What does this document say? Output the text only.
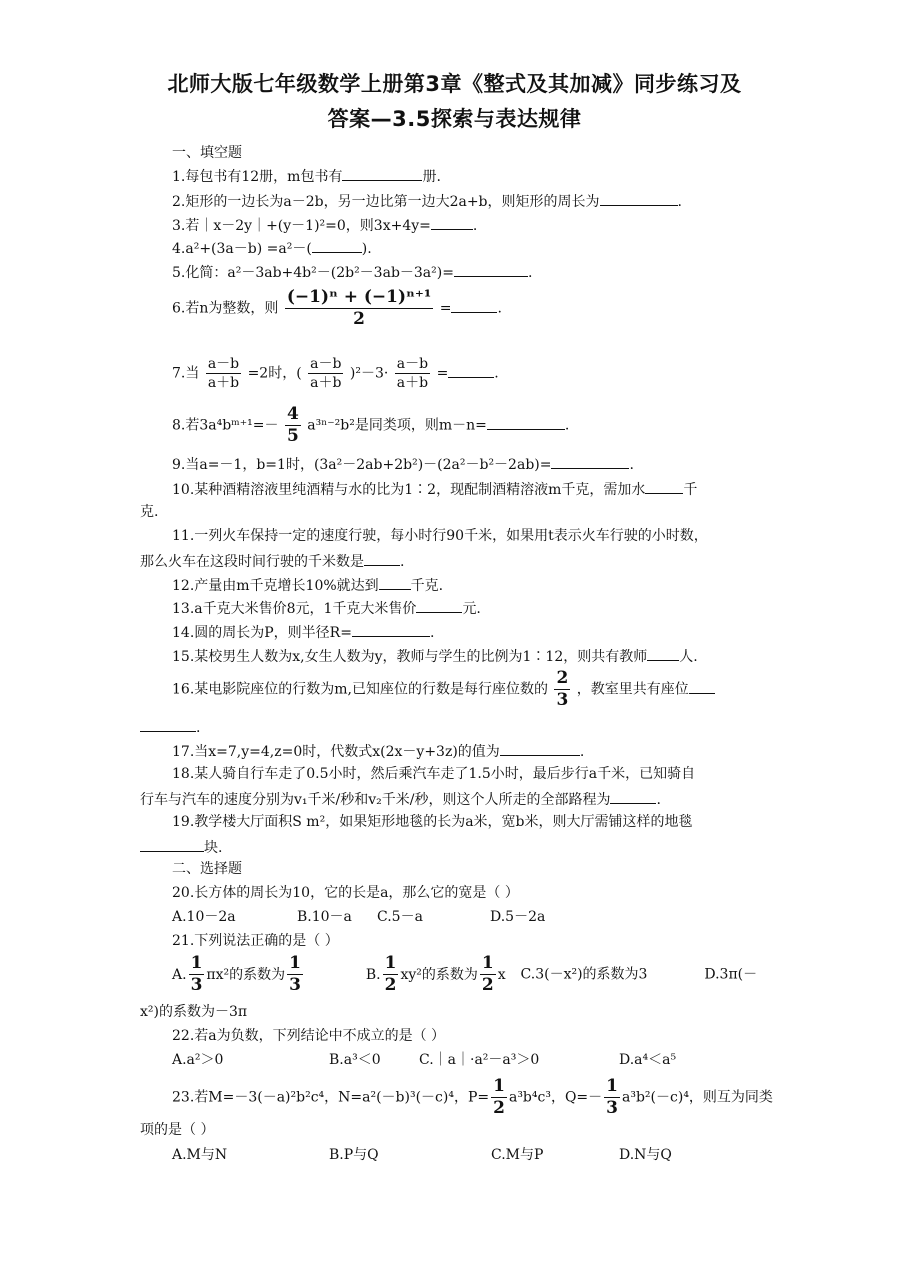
北师大版七年级数学上册第3章《整式及其加减》同步练习及
答案—3.5探索与表达规律
一、填空题
1.每包书有12册，m包书有	册.
2.矩形的一边长为a－2b，另一边比第一边大2a+b，则矩形的周长为	.
3.若｜x－2y｜+(y－1)²=0，则3x+4y=	.
4.a²+(3a－b) =a²－(	).
5.化简：a²－3ab+4b²－(2b²－3ab－3a²)=	.
6.若n为整数，则 $\frac{\text{(−1)ⁿ + (−1)ⁿ⁺¹}}{2}$ =	.
7.当 $\frac{a-b}{a+b} =2$时，( $\frac{a-b}{a+b} )^2-3\cdot \frac{a-b}{a+b}$ =	.
8.若3a⁴bᵐ⁺¹=－ $\frac{4}{5} a^{3n-2}b^2$是同类项，则m－n=	.
9.当a=－1，b=1时，(3a²－2ab+2b²)－(2a²－b²－2ab)=	.
10.某种酒精溶液里纯酒精与水的比为1∶2，现配制酒精溶液m千克，需加水	千
克.
11.一列火车保持一定的速度行驶，每小时行90千米，如果用t表示火车行驶的小时数，
那么火车在这段时间行驶的千米数是	.
12.产量由m千克增长10%就达到 千克.
13.a千克大米售价8元，1千克大米售价	元.
14.圆的周长为P，则半径R=	.
15.某校男生人数为x,女生人数为y，教师与学生的比例为1∶12，则共有教师 人.
16.某电影院座位的行数为m,已知座位的行数是每行座位数的 $\frac{2}{3}$ ，教室里共有座位
.
17.当x=7,y=4,z=0时，代数式x(2x－y+3z)的值为	.
18.某人骑自行车走了0.5小时，然后乘汽车走了1.5小时，最后步行a千米，已知骑自
行车与汽车的速度分别为v₁千米/秒和v₂千米/秒，则这个人所走的全部路程为	.
19.教学楼大厅面积S m²，如果矩形地毯的长为a米，宽b米，则大厅需铺这样的地毯
块.
二、选择题
20.长方体的周长为10，它的长是a，那么它的宽是（ ）
A.10－2a	B.10－a C.5－a	D.5－2a
21.下列说法正确的是（ ）
A. $\frac{1}{3} \pi x^2$的系数为 $\frac{1}{3}$	B. $\frac{1}{2} xy^2$的系数为 $\frac{1}{2}$ x C.3(－x²)的系数为3	D.3π(－
x²)的系数为－3π
22.若a为负数，下列结论中不成立的是（ ）
A.a²＞0	B.a³＜0	C.｜a｜·a²－a³＞0	D.a⁴＜a⁵
23.若M=－3(－a)²b²c⁴，N=a²(－b)³(－c)⁴，$P= \frac{1}{2} a^3b^4c^3$，$Q=- \frac{1}{3} a^3b^2(-c)^4$，则互为同类
项的是（ ）
A.M与N	B.P与Q	C.M与P	D.N与Q
